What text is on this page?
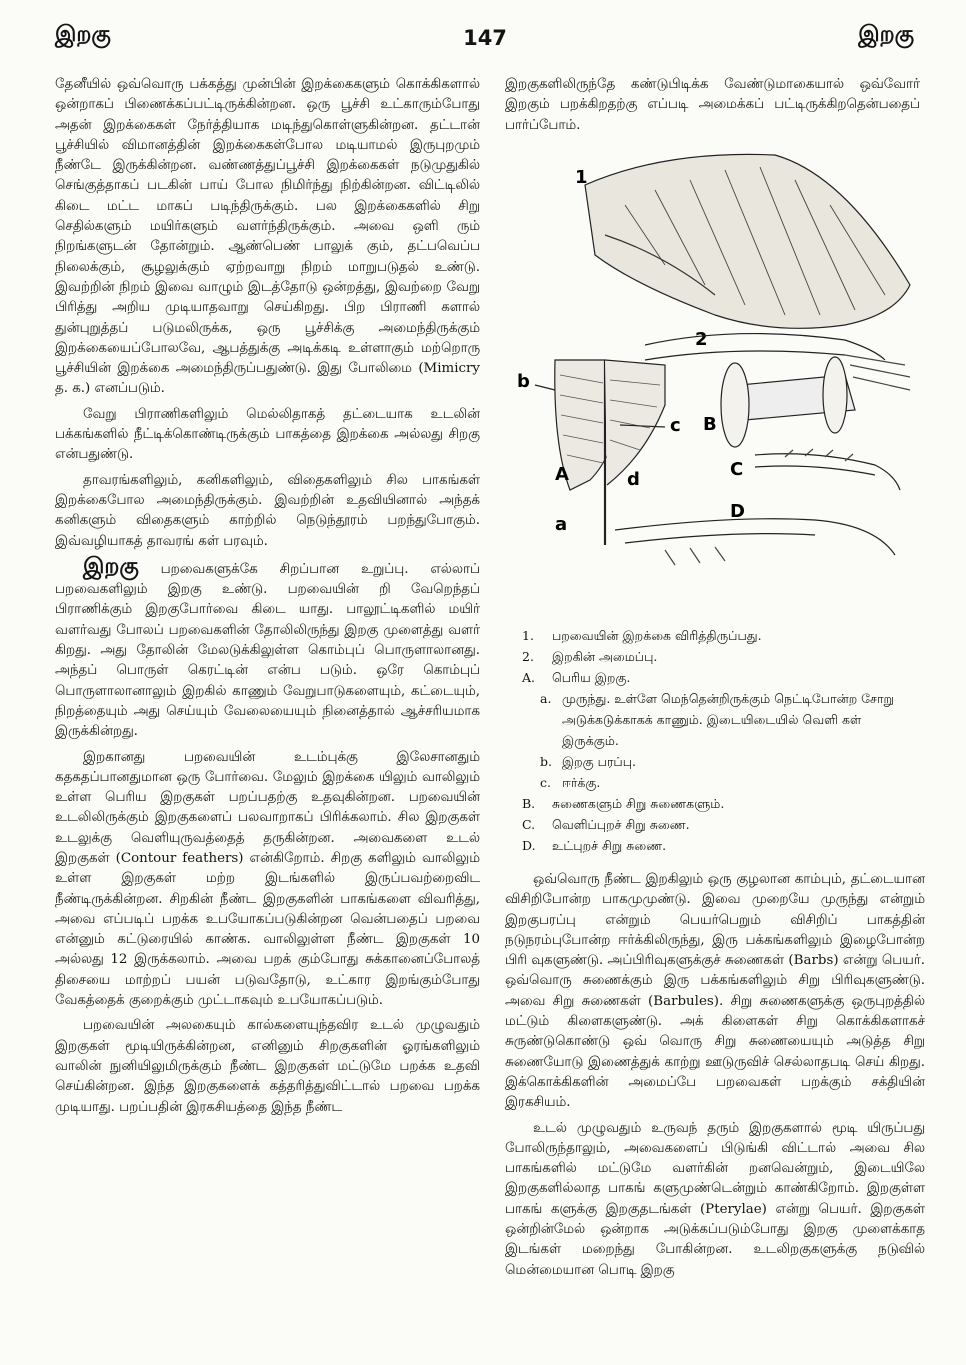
இறகு	147	இறகு

தேனீயில் ஒவ்வொரு பக்கத்து முன்பின் இறக்கைகளும் கொக்கிகளால் ஒன்றாகப் பிணைக்கப்பட்டிருக்கின்றன. ஒரு பூச்சி உட்காரும்போது அதன் இறக்கைகள் நேர்த்தியாக மடிந்துகொள்ளுகின்றன. தட்டான் பூச்சியில் விமானத்தின் இறக்கைகள்போல மடியாமல் இருபுறமும் நீண்டே இருக்கின்றன. வண்ணத்துப்பூச்சி இறக்கைகள் நடுமுதுகில் செங்குத்தாகப் படகின் பாய் போல நிமிர்ந்து நிற்கின்றன. விட்டிலில் கிடை மட்ட மாகப் படிந்திருக்கும். பல இறக்கைகளில் சிறு செதில்களும் மயிர்களும் வளர்ந்திருக்கும். அவை ஒளி ரும் நிறங்களுடன் தோன்றும். ஆண்பெண் பாலுக் கும், தட்பவெப்ப நிலைக்கும், சூழலுக்கும் ஏற்றவாறு நிறம் மாறுபடுதல் உண்டு. இவற்றின் நிறம் இவை வாழும் இடத்தோடு ஒன்றத்து, இவற்றை வேறு பிரித்து அறிய முடியாதவாறு செய்கிறது. பிற பிராணி களால் துன்புறுத்தப் படுமலிருக்க, ஒரு பூச்சிக்கு அமைந்திருக்கும் இறக்கையைப்போலவே, ஆபத்துக்கு அடிக்கடி உள்ளாகும் மற்றொரு பூச்சியின் இறக்கை அமைந்திருப்பதுண்டு. இது போலிமை (Mimicry த. க.) எனப்படும்.

வேறு பிராணிகளிலும் மெல்லிதாகத் தட்டையாக உடலின் பக்கங்களில் நீட்டிக்கொண்டிருக்கும் பாகத்தை இறக்கை அல்லது சிறகு என்பதுண்டு.

தாவரங்களிலும், கனிகளிலும், விதைகளிலும் சில பாகங்கள் இறக்கைபோல அமைந்திருக்கும். இவற்றின் உதவியினால் அந்தக் கனிகளும் விதைகளும் காற்றில் நெடுந்தூரம் பறந்துபோகும். இவ்வழியாகத் தாவரங் கள் பரவும்.

இறகு பறவைகளுக்கே சிறப்பான உறுப்பு. எல்லாப் பறவைகளிலும் இறகு உண்டு. பறவையின் றி வேறெந்தப் பிராணிக்கும் இறகுபோர்வை கிடை யாது. பாலூட்டிகளில் மயிர் வளர்வது போலப் பறவைகளின் தோலிலிருந்து இறகு முளைத்து வளர் கிறது. அது தோலின் மேலடுக்கிலுள்ள கொம்புப் பொருளாலானது. அந்தப் பொருள் கெரட்டின் என்ப படும். ஒரே கொம்புப் பொருளாலானாலும் இறகில் காணும் வேறுபாடுகளையும், கட்டையும், நிறத்தையும் அது செய்யும் வேலையையும் நினைத்தால் ஆச்சரியமாக இருக்கின்றது.

இறகானது பறவையின் உடம்புக்கு இலேசானதும் கதகதப்பானதுமான ஒரு போர்வை. மேலும் இறக்கை யிலும் வாலிலும் உள்ள பெரிய இறகுகள் பறப்பதற்கு உதவுகின்றன. பறவையின் உடலிலிருக்கும் இறகுகளைப் பலவாறாகப் பிரிக்கலாம். சில இறகுகள் உடலுக்கு வெளியுருவத்தைத் தருகின்றன. அவைகளை உடல் இறகுகள் (Contour feathers) என்கிறோம். சிறகு களிலும் வாலிலும் உள்ள இறகுகள் மற்ற இடங்களில் இருப்பவற்றைவிட நீண்டிருக்கின்றன. சிறகின் நீண்ட இறகுகளின் பாகங்களை விவரித்து, அவை எப்படிப் பறக்க உபயோகப்படுகின்றன வென்பதைப் பறவை என்னும் கட்டுரையில் காண்க. வாலிலுள்ள நீண்ட இறகுகள் 10 அல்லது 12 இருக்கலாம். அவை பறக் கும்போது சுக்கானைப்போலத் திசையை மாற்றப் பயன் படுவதோடு, உட்கார இறங்கும்போது வேகத்தைக் குறைக்கும் முட்டாகவும் உபயோகப்படும்.

பறவையின் அலகையும் கால்களையுந்தவிர உடல் முழுவதும் இறகுகள் மூடியிருக்கின்றன, எனினும் சிறகுகளின் ஓரங்களிலும் வாலின் நுனியிலுமிருக்கும் நீண்ட இறகுகள் மட்டுமே பறக்க உதவி செய்கின்றன. இந்த இறகுகளைக் கத்தரித்துவிட்டால் பறவை பறக்க முடியாது. பறப்பதின் இரகசியத்தை இந்த நீண்ட

இறகுகளிலிருந்தே கண்டுபிடிக்க வேண்டுமாகையால் ஒவ்வோர் இறகும் பறக்கிறதற்கு எப்படி அமைக்கப் பட்டிருக்கிறதென்பதைப் பார்ப்போம்.

1
2
B
b
c
A	d
a
C
D
1.	பறவையின் இறக்கை விரித்திருப்பது.
2.	இறகின் அமைப்பு.
A.	பெரிய இறகு.
a. முருந்து. உள்ளே மெந்தென்றிருக்கும் நெட்டிபோன்ற சோறு அடுக்கடுக்காகக் காணும். இடையிடையில் வெளி கள் இருக்கும்.
b. இறகு பரப்பு.
c. ஈர்க்கு.
B.	சுணைகளும் சிறு சுணைகளும்.
C.	வெளிப்புறச் சிறு சுணை.
D.	உட்புறச் சிறு சுணை.

ஒவ்வொரு நீண்ட இறகிலும் ஒரு குழலான காம்பும், தட்டையான விசிறிபோன்ற பாகமுமுண்டு. இவை முறையே முருந்து என்றும் இறகுபரப்பு என்றும் பெயர்பெறும் விசிறிப் பாகத்தின் நடுநரம்புபோன்ற ஈர்க்கிலிருந்து, இரு பக்கங்களிலும் இழைபோன்ற பிரி வுகளுண்டு. அப்பிரிவுகளுக்குச் சுணைகள் (Barbs) என்று பெயர். ஒவ்வொரு சுணைக்கும் இரு பக்கங்களிலும் சிறு பிரிவுகளுண்டு. அவை சிறு சுணைகள் (Barbules). சிறு சுணைகளுக்கு ஒருபுறத்தில் மட்டும் கிளைகளுண்டு. அக் கிளைகள் சிறு கொக்கிகளாகச் சுருண்டுகொண்டு ஒவ் வொரு சிறு சுணையையும் அடுத்த சிறு சுணையோடு இணைத்துக் காற்று ஊடுருவிச் செல்லாதபடி செய் கிறது. இக்கொக்கிகளின் அமைப்பே பறவைகள் பறக்கும் சக்தியின் இரகசியம்.

உடல் முழுவதும் உருவந் தரும் இறகுகளால் மூடி யிருப்பது போலிருந்தாலும், அவைகளைப் பிடுங்கி விட்டால் அவை சில பாகங்களில் மட்டுமே வளர்கின் றனவென்றும், இடையிலே இறகுகளில்லாத பாகங் களுமுண்டென்றும் காண்கிறோம். இறகுள்ள பாகங் களுக்கு இறகுதடங்கள் (Pterylae) என்று பெயர். இறகுகள் ஒன்றின்மேல் ஒன்றாக அடுக்கப்படும்போது இறகு முளைக்காத இடங்கள் மறைந்து போகின்றன. உடலிறகுகளுக்கு நடுவில் மென்மையான பொடி இறகு
